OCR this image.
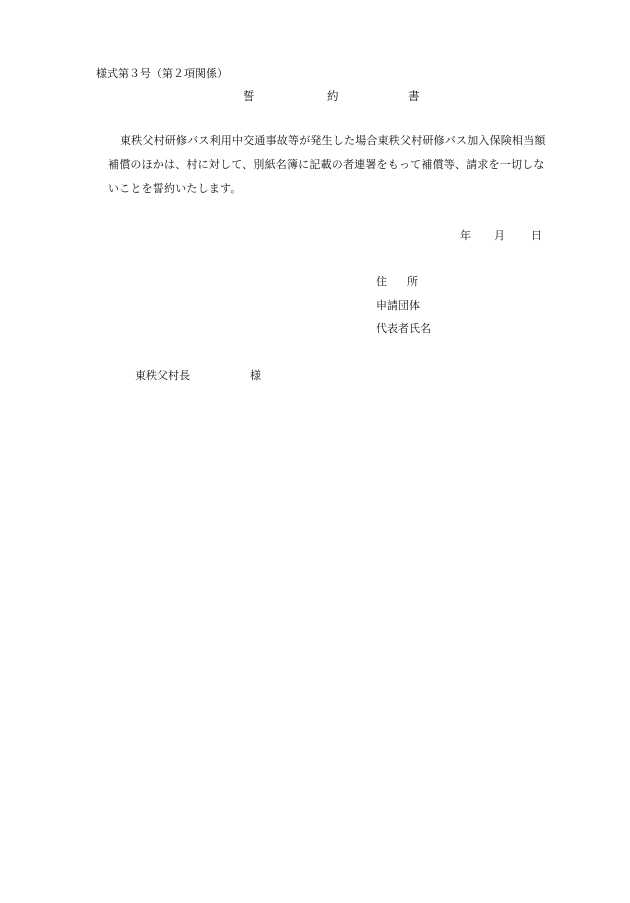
様式第３号（第２項関係）

誓	約	書

東秩父村研修バス利用中交通事故等が発生した場合東秩父村研修バス加入保険相当額

補償のほかは、村に対して、別紙名簿に記載の者連署をもって補償等、請求を一切しな

いことを誓約いたします。

年 月 日
住 所

申請団体

代表者氏名

東秩父村長	様
